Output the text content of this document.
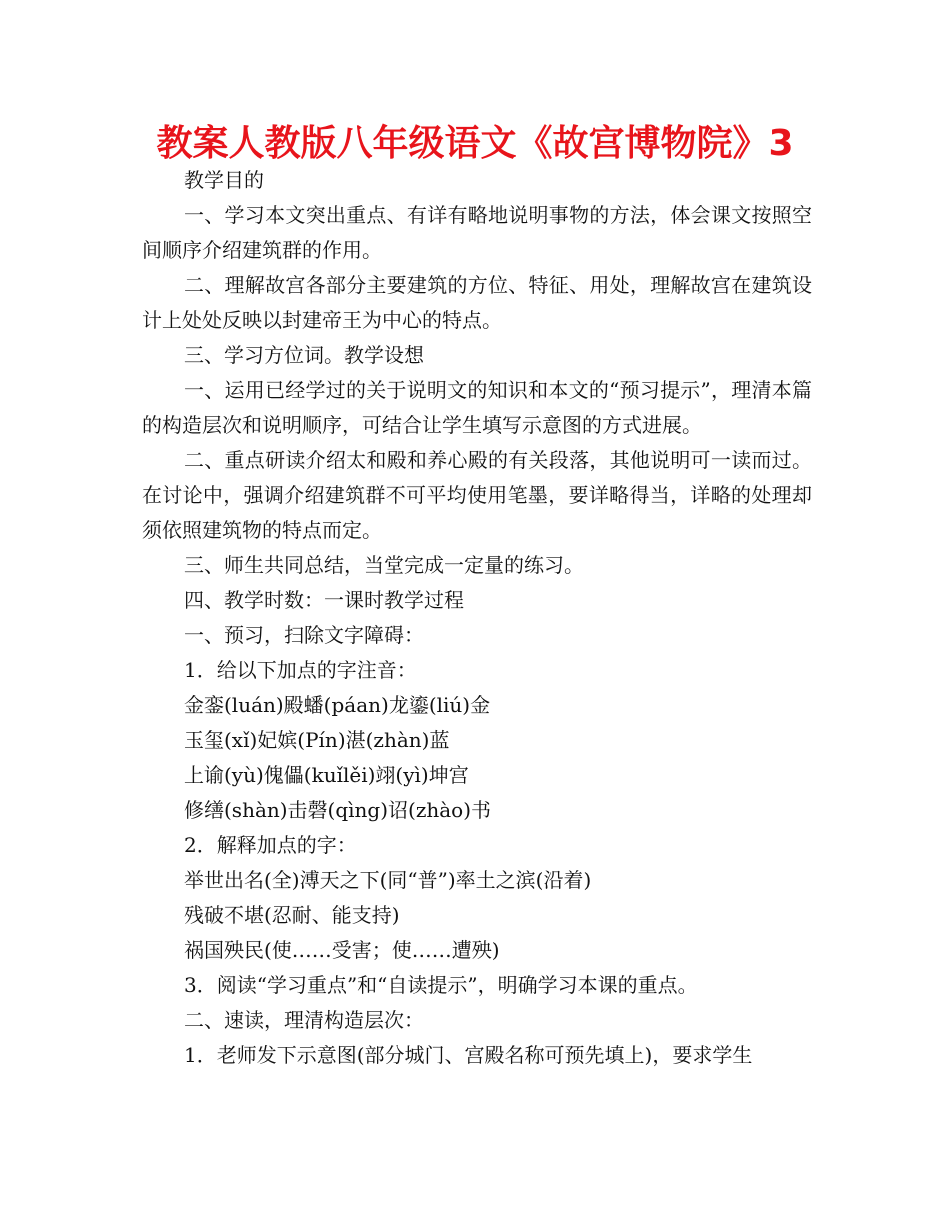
教案人教版八年级语文《故宫博物院》3

教学目的

一、学习本文突出重点、有详有略地说明事物的方法，体会课文按照空间顺序介绍建筑群的作用。

二、理解故宫各部分主要建筑的方位、特征、用处，理解故宫在建筑设计上处处反映以封建帝王为中心的特点。

三、学习方位词。教学设想

一、运用已经学过的关于说明文的知识和本文的“预习提示”，理清本篇的构造层次和说明顺序，可结合让学生填写示意图的方式进展。

二、重点研读介绍太和殿和养心殿的有关段落，其他说明可一读而过。在讨论中，强调介绍建筑群不可平均使用笔墨，要详略得当，详略的处理却须依照建筑物的特点而定。

三、师生共同总结，当堂完成一定量的练习。

四、教学时数：一课时教学过程

一、预习，扫除文字障碍：

1．给以下加点的字注音：

金銮(luán)殿蟠(páan)龙鎏(liú)金

玉玺(xǐ)妃嫔(Pín)湛(zhàn)蓝

上谕(yù)傀儡(kuǐlěi)翊(yì)坤宫

修缮(shàn)击磬(qìng)诏(zhào)书

2．解释加点的字：

举世出名(全)溥天之下(同“普”)率土之滨(沿着)

残破不堪(忍耐、能支持)

祸国殃民(使……受害；使……遭殃)

3．阅读“学习重点”和“自读提示”，明确学习本课的重点。

二、速读，理清构造层次：

1．老师发下示意图(部分城门、宫殿名称可预先填上)，要求学生
